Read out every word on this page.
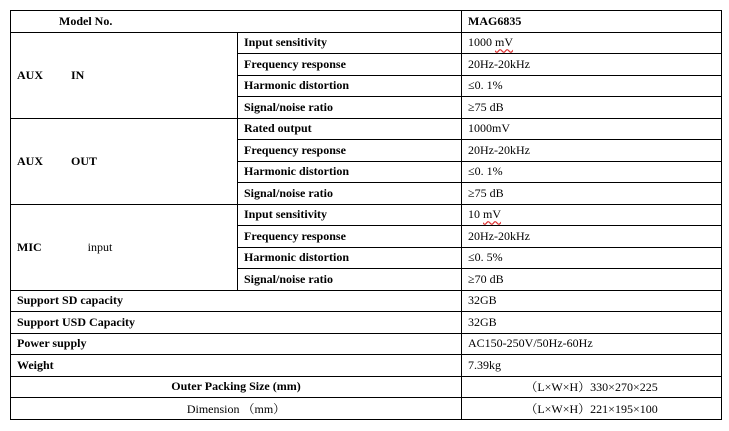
Model No.		MAG6835
AUX IN	Input sensitivity	1000 mV
	Frequency response	20Hz-20kHz
	Harmonic distortion	≤0. 1%
	Signal/noise ratio	≥75 dB
AUX OUT	Rated output	1000mV
	Frequency response	20Hz-20kHz
	Harmonic distortion	≤0. 1%
	Signal/noise ratio	≥75 dB
MIC input	Input sensitivity	10 mV
	Frequency response	20Hz-20kHz
	Harmonic distortion	≤0. 5%
	Signal/noise ratio	≥70 dB
Support SD capacity		32GB
Support USD Capacity		32GB
Power supply		AC150-250V/50Hz-60Hz
Weight		7.39kg
Outer Packing Size (mm)		（L×W×H）330×270×225
Dimension （mm）		（L×W×H）221×195×100
